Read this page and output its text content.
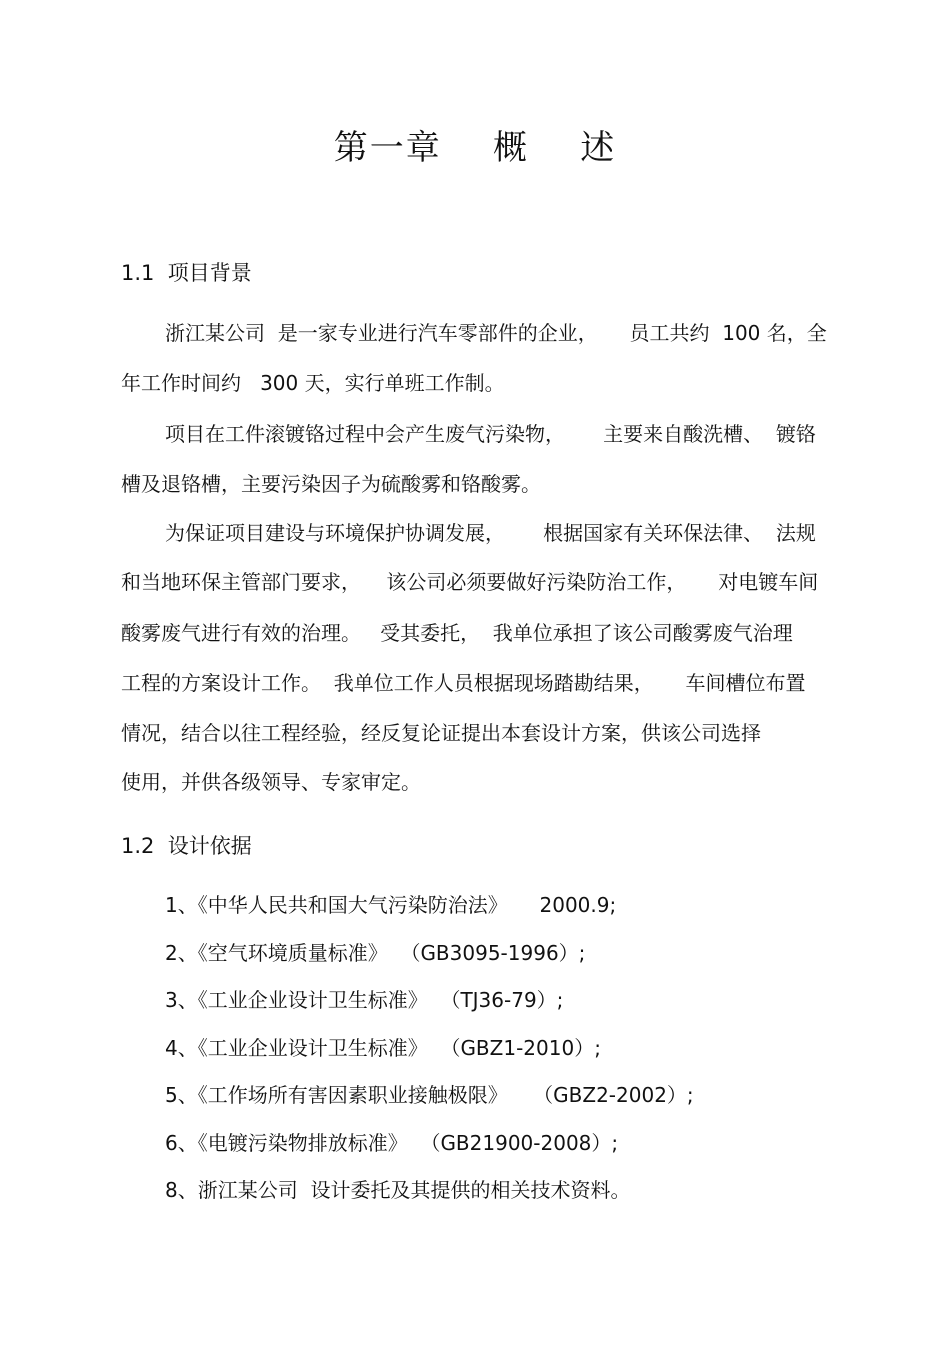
第一章    概    述
1.1  项目背景
浙江某公司  是一家专业进行汽车零部件的企业，     员工共约  100 名，全
年工作时间约   300 天，实行单班工作制。
项目在工件滚镀铬过程中会产生废气污染物，      主要来自酸洗槽、  镀铬
槽及退铬槽，主要污染因子为硫酸雾和铬酸雾。
为保证项目建设与环境保护协调发展，      根据国家有关环保法律、  法规
和当地环保主管部门要求，    该公司必须要做好污染防治工作，     对电镀车间
酸雾废气进行有效的治理。   受其委托，  我单位承担了该公司酸雾废气治理
工程的方案设计工作。  我单位工作人员根据现场踏勘结果，     车间槽位布置
情况，结合以往工程经验，经反复论证提出本套设计方案，供该公司选择
使用，并供各级领导、专家审定。
1.2  设计依据
1、《中华人民共和国大气污染防治法》     2000.9;
2、《空气环境质量标准》  （GB3095-1996）;
3、《工业企业设计卫生标准》  （TJ36-79）;
4、《工业企业设计卫生标准》  （GBZ1-2010）;
5、《工作场所有害因素职业接触极限》    （GBZ2-2002）;
6、《电镀污染物排放标准》  （GB21900-2008）;
8、浙江某公司  设计委托及其提供的相关技术资料。
